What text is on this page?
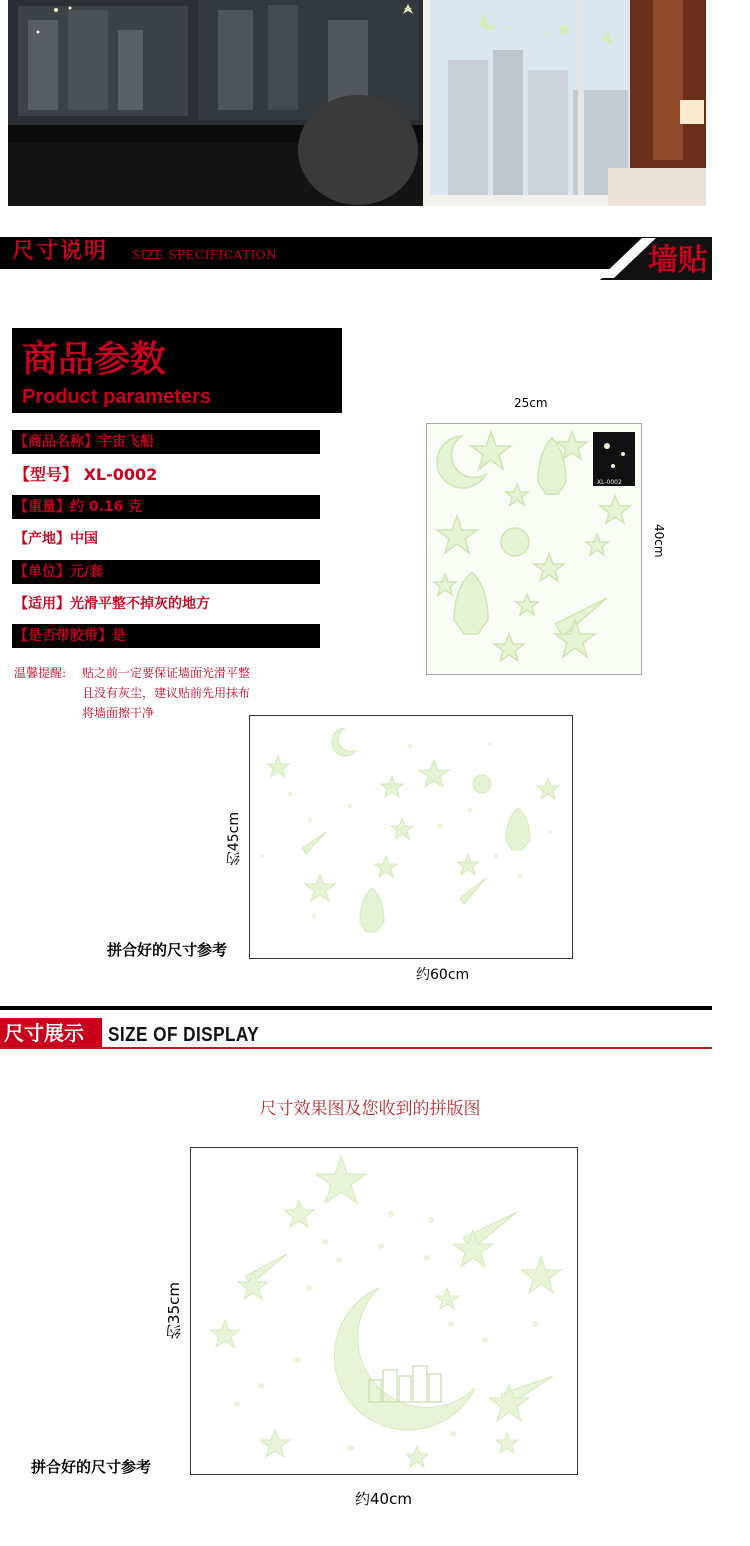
尺寸说明 SIZE SPECIFICATION	墙贴
商品参数
Product parameters
【商品名称】宇宙飞船
【型号】 XL-0002
【重量】约 0.16 克
【产地】中国
【单位】元/套
【适用】光滑平整不掉灰的地方
【是否带胶带】是
温馨提醒: 贴之前一定要保证墙面光滑平整
且没有灰尘，建议贴前先用抹布
将墙面擦干净
25cm
40cm
XL-0002
约45cm
约60cm
拼合好的尺寸参考
尺寸展示 SIZE OF DISPLAY
尺寸效果图及您收到的拼版图
约35cm
约40cm
拼合好的尺寸参考
